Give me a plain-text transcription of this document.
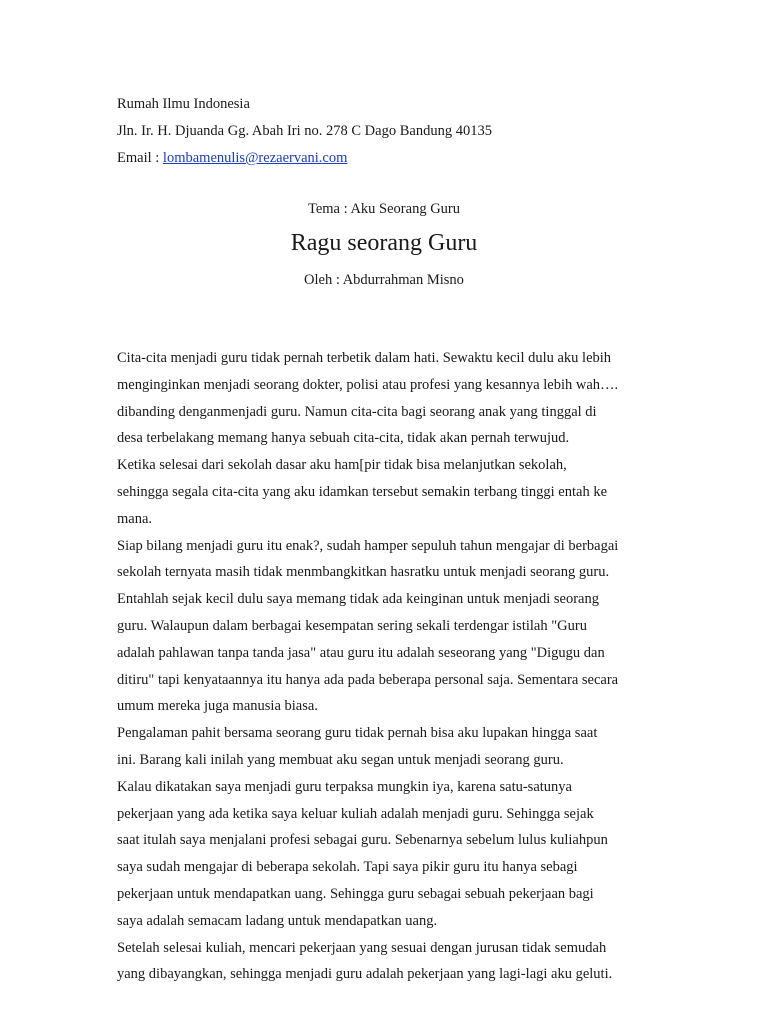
Rumah Ilmu Indonesia
Jln. Ir. H. Djuanda Gg. Abah Iri no. 278 C Dago Bandung 40135
Email : lombamenulis@rezaervani.com
Tema : Aku Seorang Guru
Ragu seorang Guru
Oleh : Abdurrahman Misno
Cita-cita menjadi guru tidak pernah terbetik dalam hati. Sewaktu kecil dulu aku lebih
menginginkan menjadi seorang dokter, polisi atau profesi yang kesannya lebih wah….
dibanding denganmenjadi guru. Namun cita-cita bagi seorang anak yang tinggal di
desa terbelakang memang hanya sebuah cita-cita, tidak akan pernah terwujud.
Ketika selesai dari sekolah dasar aku ham[pir tidak bisa melanjutkan sekolah,
sehingga segala cita-cita yang aku idamkan tersebut semakin terbang tinggi entah ke
mana.
Siap bilang menjadi guru itu enak?, sudah hamper sepuluh tahun mengajar di berbagai
sekolah ternyata masih tidak menmbangkitkan hasratku untuk menjadi seorang guru.
Entahlah sejak kecil dulu saya memang tidak ada keinginan untuk menjadi seorang
guru. Walaupun dalam berbagai kesempatan sering sekali terdengar istilah "Guru
adalah pahlawan tanpa tanda jasa" atau guru itu adalah seseorang yang "Digugu dan
ditiru" tapi kenyataannya itu hanya ada pada beberapa personal saja. Sementara secara
umum mereka juga manusia biasa.
Pengalaman pahit bersama seorang guru tidak pernah bisa aku lupakan hingga saat
ini. Barang kali inilah yang membuat aku segan untuk menjadi seorang guru.
Kalau dikatakan saya menjadi guru terpaksa mungkin iya, karena satu-satunya
pekerjaan yang ada ketika saya keluar kuliah adalah menjadi guru. Sehingga sejak
saat itulah saya menjalani profesi sebagai guru. Sebenarnya sebelum lulus kuliahpun
saya sudah mengajar di beberapa sekolah. Tapi saya pikir guru itu hanya sebagi
pekerjaan untuk mendapatkan uang. Sehingga guru sebagai sebuah pekerjaan bagi
saya adalah semacam ladang untuk mendapatkan uang.
Setelah selesai kuliah, mencari pekerjaan yang sesuai dengan jurusan tidak semudah
yang dibayangkan, sehingga menjadi guru adalah pekerjaan yang lagi-lagi aku geluti.
